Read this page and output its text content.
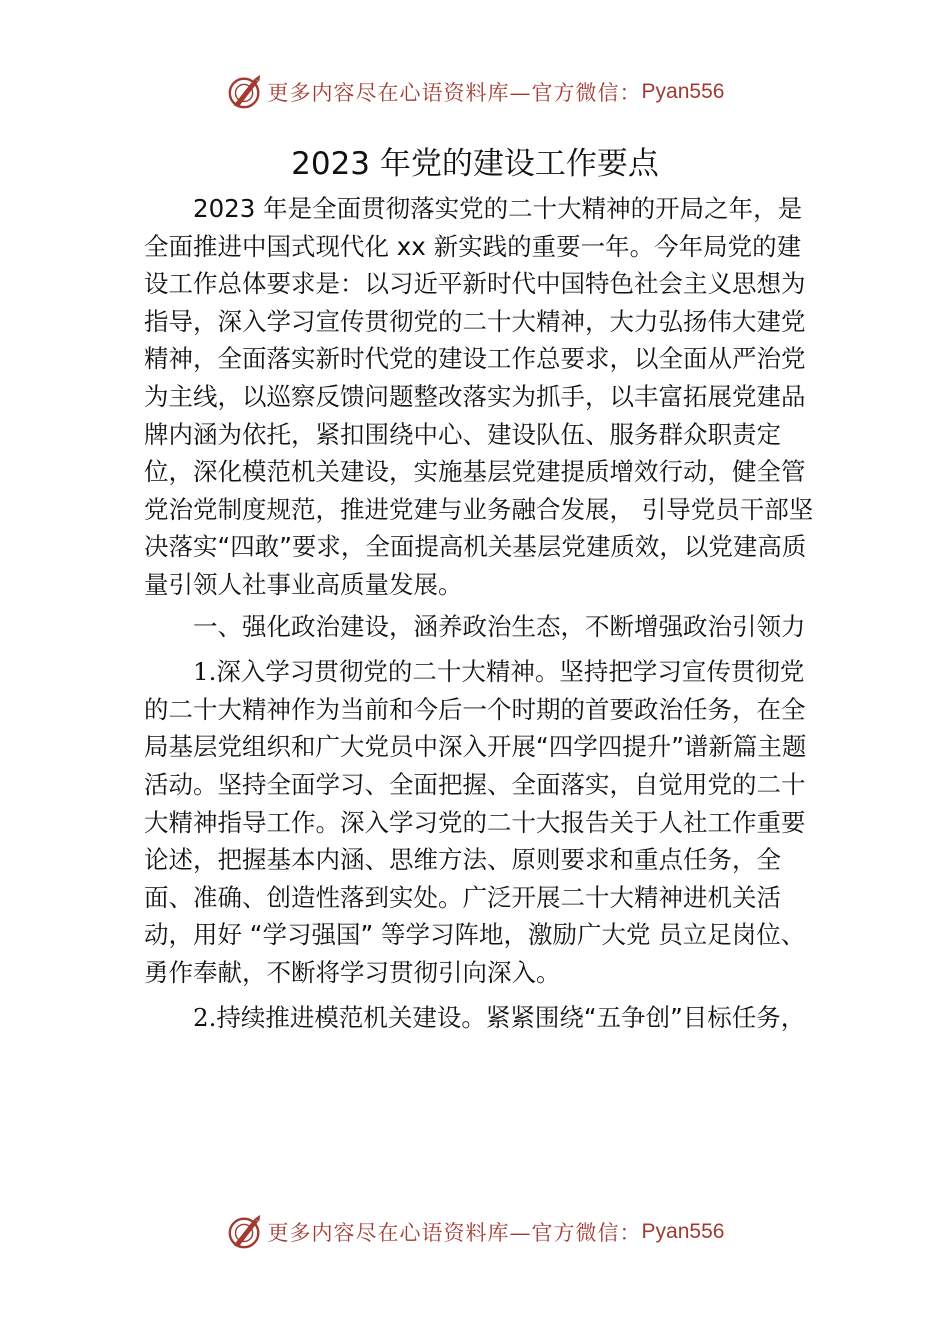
更多内容尽在心语资料库—官方微信： Pyan556
2023 年党的建设工作要点

2023 年是全面贯彻落实党的二十大精神的开局之年，是全面推进中国式现代化 xx 新实践的重要一年。今年局党的建设工作总体要求是：以习近平新时代中国特色社会主义思想为指导，深入学习宣传贯彻党的二十大精神，大力弘扬伟大建党精神，全面落实新时代党的建设工作总要求，以全面从严治党为主线，以巡察反馈问题整改落实为抓手，以丰富拓展党建品牌内涵为依托，紧扣围绕中心、建设队伍、服务群众职责定位，深化模范机关建设，实施基层党建提质增效行动，健全管党治党制度规范，推进党建与业务融合发展， 引导党员干部坚决落实“四敢”要求，全面提高机关基层党建质效，以党建高质量引领人社事业高质量发展。

一、强化政治建设，涵养政治生态，不断增强政治引领力

1.深入学习贯彻党的二十大精神。坚持把学习宣传贯彻党的二十大精神作为当前和今后一个时期的首要政治任务，在全局基层党组织和广大党员中深入开展“四学四提升”谱新篇主题活动。坚持全面学习、全面把握、全面落实，自觉用党的二十大精神指导工作。深入学习党的二十大报告关于人社工作重要论述，把握基本内涵、思维方法、原则要求和重点任务，全面、准确、创造性落到实处。广泛开展二十大精神进机关活动，用好 “学习强国” 等学习阵地，激励广大党 员立足岗位、勇作奉献，不断将学习贯彻引向深入。

2.持续推进模范机关建设。紧紧围绕“五争创”目标任务，

更多内容尽在心语资料库—官方微信： Pyan556
